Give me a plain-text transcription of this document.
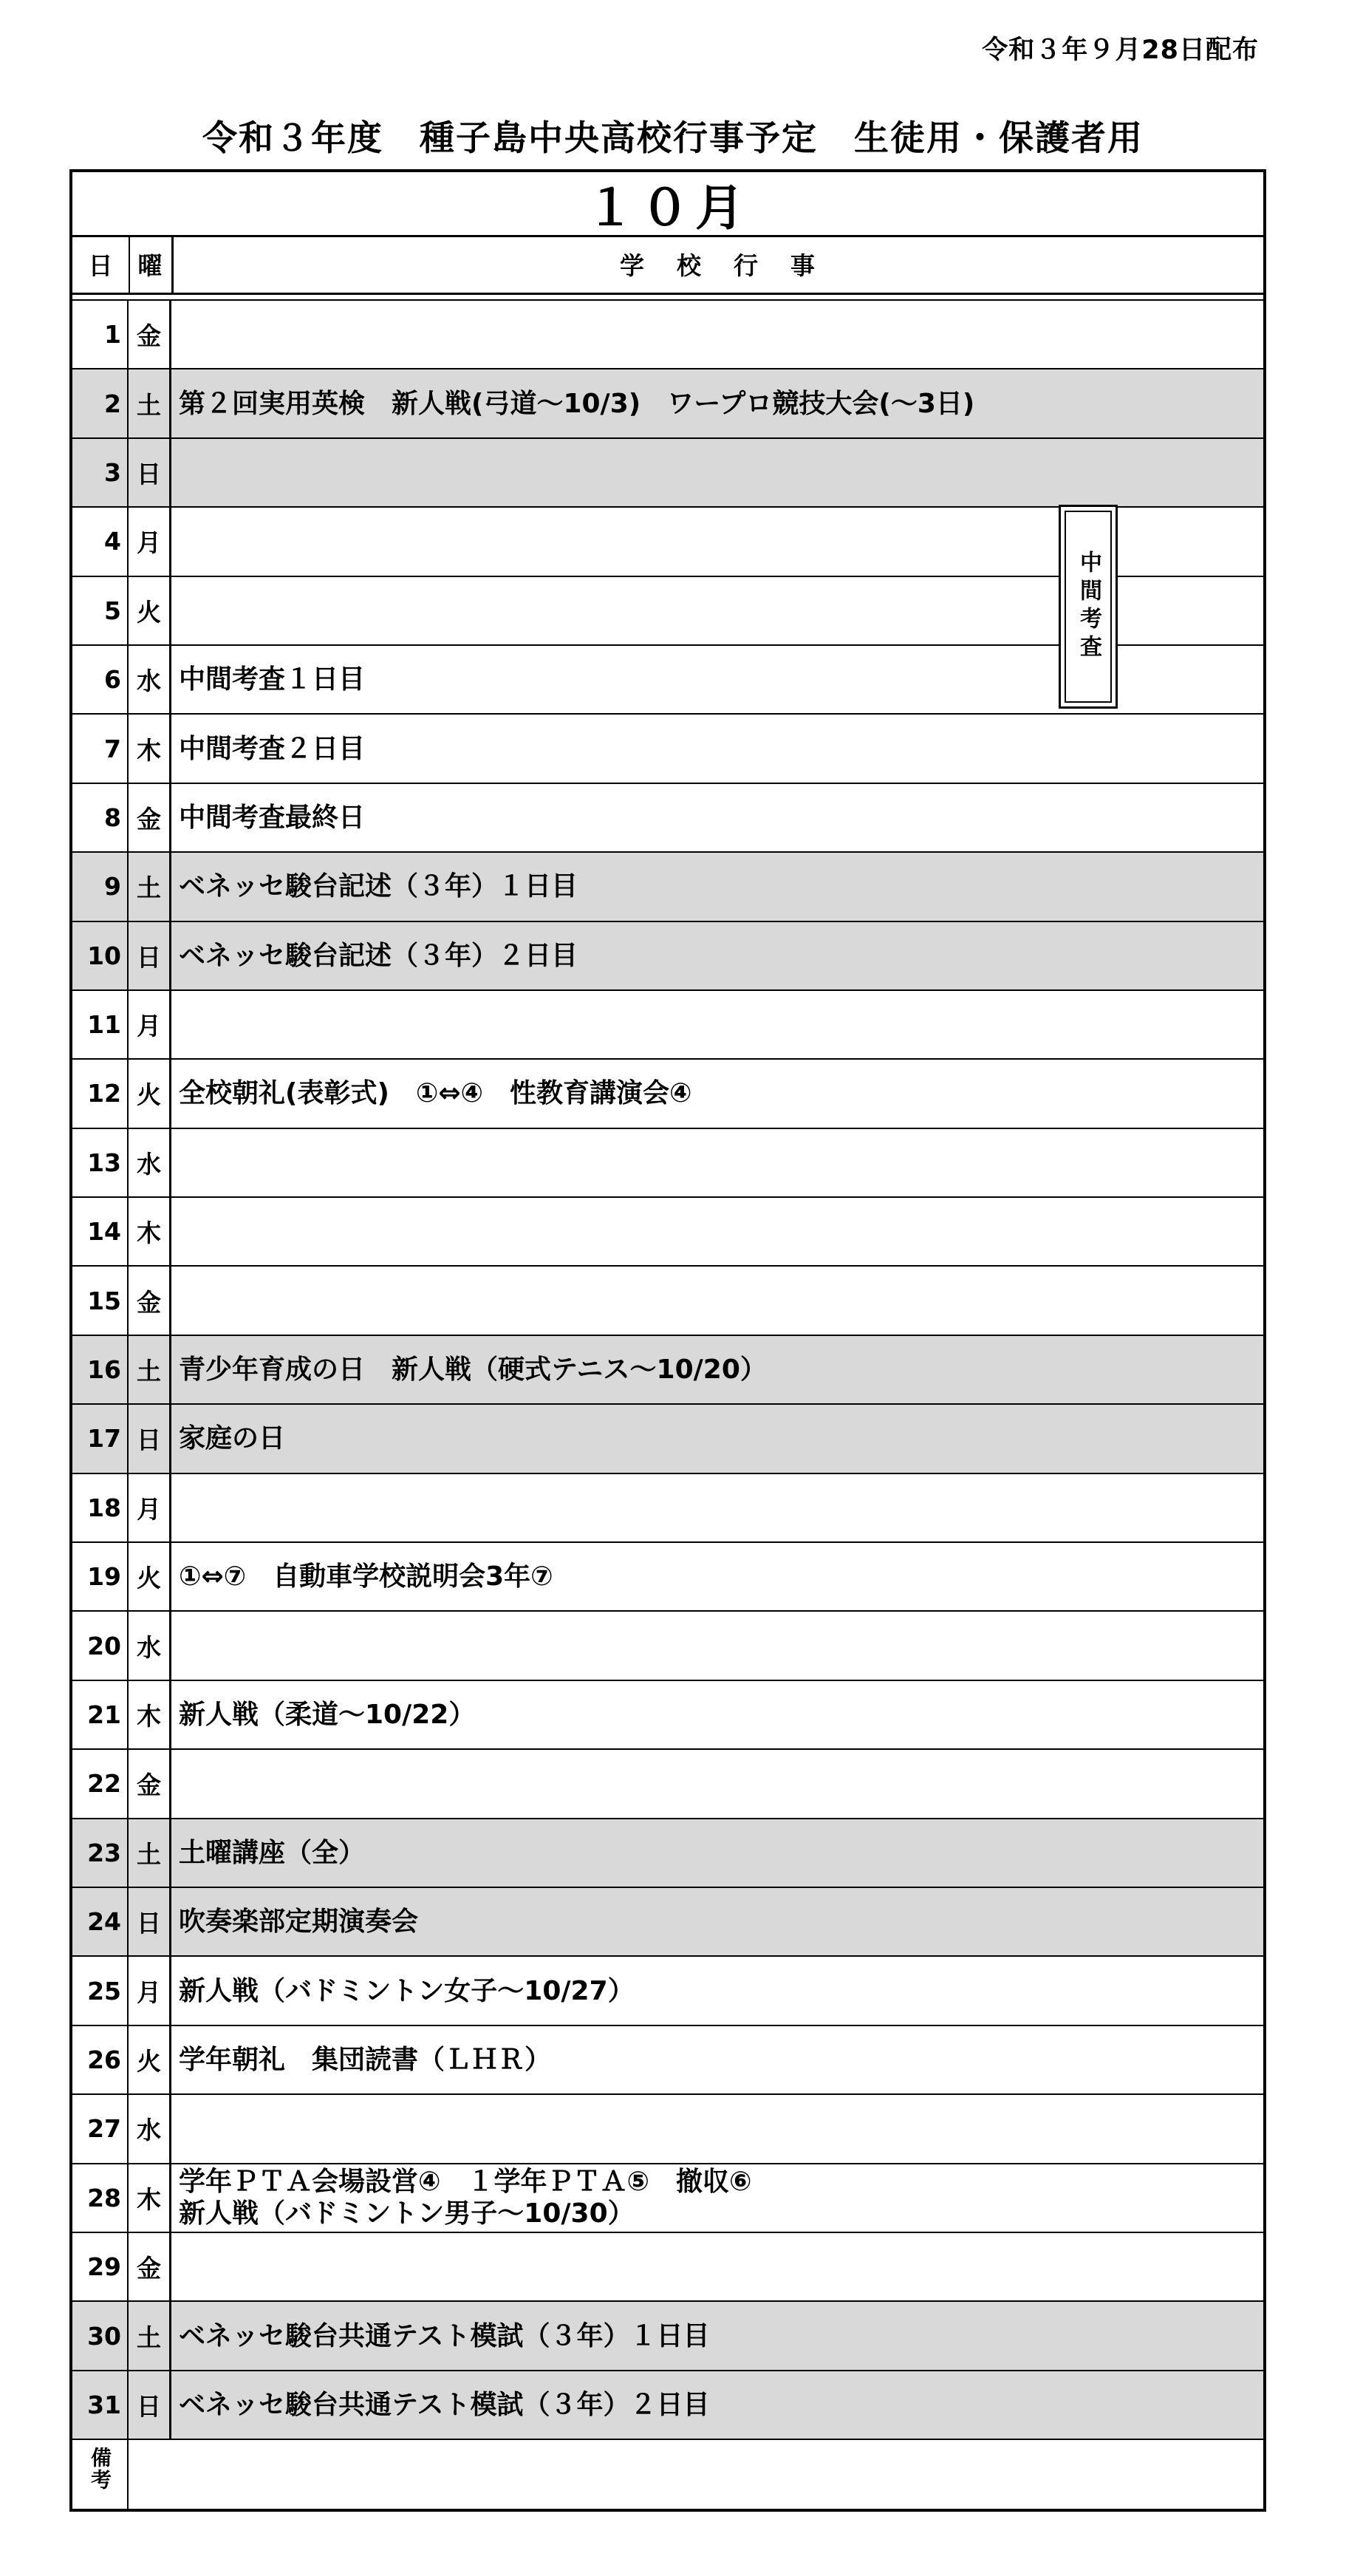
令和３年９月28日配布
令和３年度　種子島中央高校行事予定　生徒用・保護者用
１０月
日	曜	学校行事
1 金
2 土 第２回実用英検　新人戦(弓道～10/3)　ワープロ競技大会(～3日)
3 日
4 月
5 火
6 水 中間考査１日目
7 木 中間考査２日目
8 金 中間考査最終日
9 土 ベネッセ駿台記述（３年）１日目
10 日 ベネッセ駿台記述（３年）２日目
11 月
12 火 全校朝礼(表彰式)　①⇔④　性教育講演会④
13 水
14 木
15 金
16 土 青少年育成の日　新人戦（硬式テニス～10/20）
17 日 家庭の日
18 月
19 火 ①⇔⑦　自動車学校説明会3年⑦
20 水
21 木 新人戦（柔道～10/22）
22 金
23 土 土曜講座（全）
24 日 吹奏楽部定期演奏会
25 月 新人戦（バドミントン女子～10/27）
26 火 学年朝礼　集団読書（ＬＨＲ）
27 水
28 木
学年ＰＴＡ会場設営④　１学年ＰＴＡ⑤　撤収⑥
新人戦（バドミントン男子～10/30）
29 金
30 土 ベネッセ駿台共通テスト模試（３年）１日目
31 日 ベネッセ駿台共通テスト模試（３年）２日目
備考
中間考査
